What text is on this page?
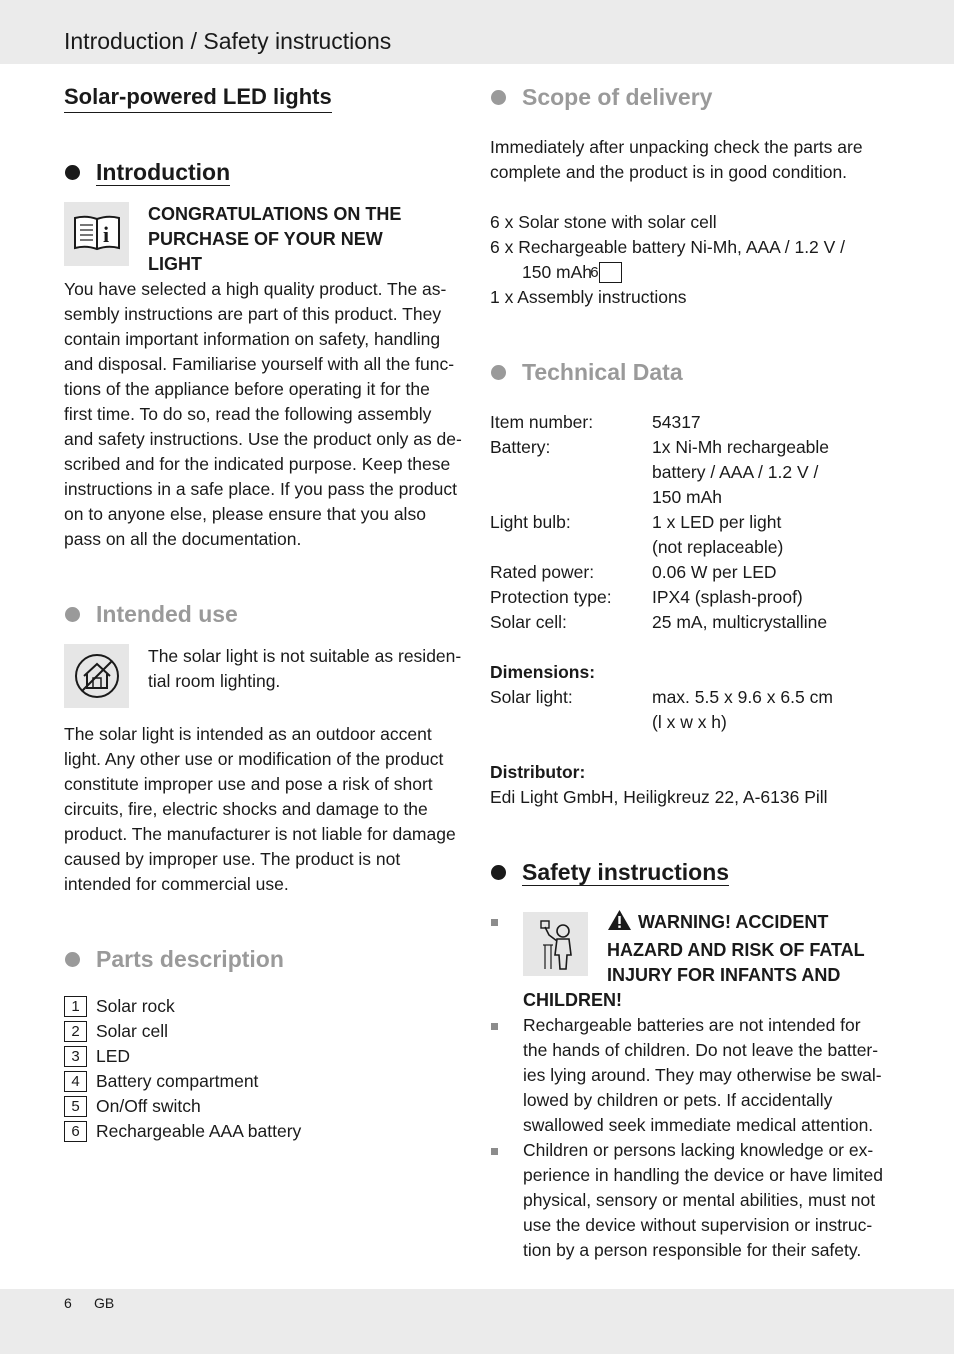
Introduction / Safety instructions
Solar-powered LED lights
Introduction
i
CONGRATULATIONS ON THE
PURCHASE OF YOUR NEW
LIGHT
You have selected a high quality product. The as-
sembly instructions are part of this product. They
contain important information on safety, handling
and disposal. Familiarise yourself with all the func-
tions of the appliance before operating it for the
first time. To do so, read the following assembly
and safety instructions. Use the product only as de-
scribed and for the indicated purpose. Keep these
instructions in a safe place. If you pass the product
on to anyone else, please ensure that you also
pass on all the documentation.
Intended use
The solar light is not suitable as residen-
tial room lighting.
The solar light is intended as an outdoor accent
light. Any other use or modification of the product
constitute improper use and pose a risk of short
circuits, fire, electric shocks and damage to the
product. The manufacturer is not liable for damage
caused by improper use. The product is not
intended for commercial use.
Parts description
1 Solar rock
2 Solar cell
3 LED
4 Battery compartment
5 On/Off switch
6 Rechargeable AAA battery
Scope of delivery
Immediately after unpacking check the parts are
complete and the product is in good condition.
6 x Solar stone with solar cell
6 x Rechargeable battery Ni-Mh, AAA / 1.2 V /
150 mAh 6
1 x Assembly instructions
Technical Data
Item number:	54317
Battery:	1x Ni-Mh rechargeable
battery / AAA / 1.2 V /
150 mAh
Light bulb:	1 x LED per light
(not replaceable)
Rated power:	0.06 W per LED
Protection type:	IPX4 (splash-proof)
Solar cell:	25 mA, multicrystalline
Dimensions:
Solar light:	max. 5.5 x 9.6 x 6.5 cm
(l x w x h)
Distributor:
Edi Light GmbH, Heiligkreuz 22, A-6136 Pill
Safety instructions
WARNING! ACCIDENT
HAZARD AND RISK OF FATAL
INJURY FOR INFANTS AND
CHILDREN!
Rechargeable batteries are not intended for
the hands of children. Do not leave the batter-
ies lying around. They may otherwise be swal-
lowed by children or pets. If accidentally
swallowed seek immediate medical attention.
Children or persons lacking knowledge or ex-
perience in handling the device or have limited
physical, sensory or mental abilities, must not
use the device without supervision or instruc-
tion by a person responsible for their safety.
6 GB
